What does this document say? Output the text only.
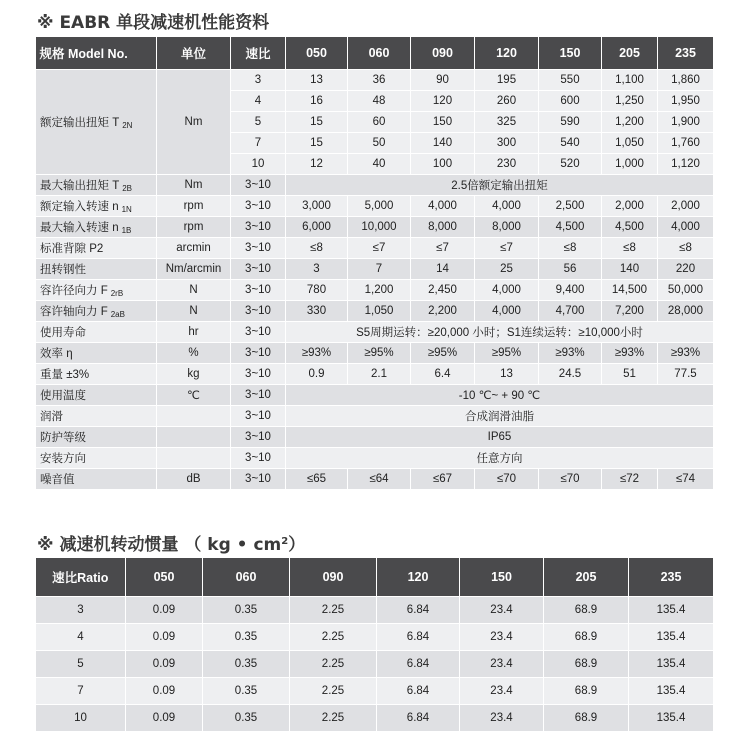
※ EABR 单段减速机性能资料
规格 Model No.	单位	速比	050	060	090	120	150	205	235
额定输出扭矩 T $_{2N}$	Nm	3	13	36	90	195	550	1,100	1,860
		4	16	48	120	260	600	1,250	1,950
		5	15	60	150	325	590	1,200	1,900
		7	15	50	140	300	540	1,050	1,760
		10	12	40	100	230	520	1,000	1,120
最大输出扭矩 T $_{2B}$	Nm	3~10	2.5倍额定输出扭矩						
额定输入转速 n $_{1N}$	rpm	3~10	3,000	5,000	4,000	4,000	2,500	2,000	2,000
最大输入转速 n $_{1B}$	rpm	3~10	6,000	10,000	8,000	8,000	4,500	4,500	4,000
标准背隙 P2	arcmin	3~10	≤8	≤7	≤7	≤7	≤8	≤8	≤8
扭转钢性	Nm/arcmin	3~10	3	7	14	25	56	140	220
容许径向力 F $_{2rB}$	N	3~10	780	1,200	2,450	4,000	9,400	14,500	50,000
容许轴向力 F $_{2aB}$	N	3~10	330	1,050	2,200	4,000	4,700	7,200	28,000
使用寿命	hr	3~10	S5周期运转：≥20,000 小时；S1连续运转：≥10,000小时						
效率 η	%	3~10	≥93%	≥95%	≥95%	≥95%	≥93%	≥93%	≥93%
重量 ±3%	kg	3~10	0.9	2.1	6.4	13	24.5	51	77.5
使用温度	℃	3~10	-10 ℃~ + 90 ℃						
润滑		3~10	合成润滑油脂						
防护等级		3~10	IP65						
安装方向		3~10	任意方向						
噪音值	dB	3~10	≤65	≤64	≤67	≤70	≤70	≤72	≤74
※ 减速机转动惯量 （ kg • $cm^2$）
速比Ratio	050	060	090	120	150	205	235
3	0.09	0.35	2.25	6.84	23.4	68.9	135.4
4	0.09	0.35	2.25	6.84	23.4	68.9	135.4
5	0.09	0.35	2.25	6.84	23.4	68.9	135.4
7	0.09	0.35	2.25	6.84	23.4	68.9	135.4
10	0.09	0.35	2.25	6.84	23.4	68.9	135.4
